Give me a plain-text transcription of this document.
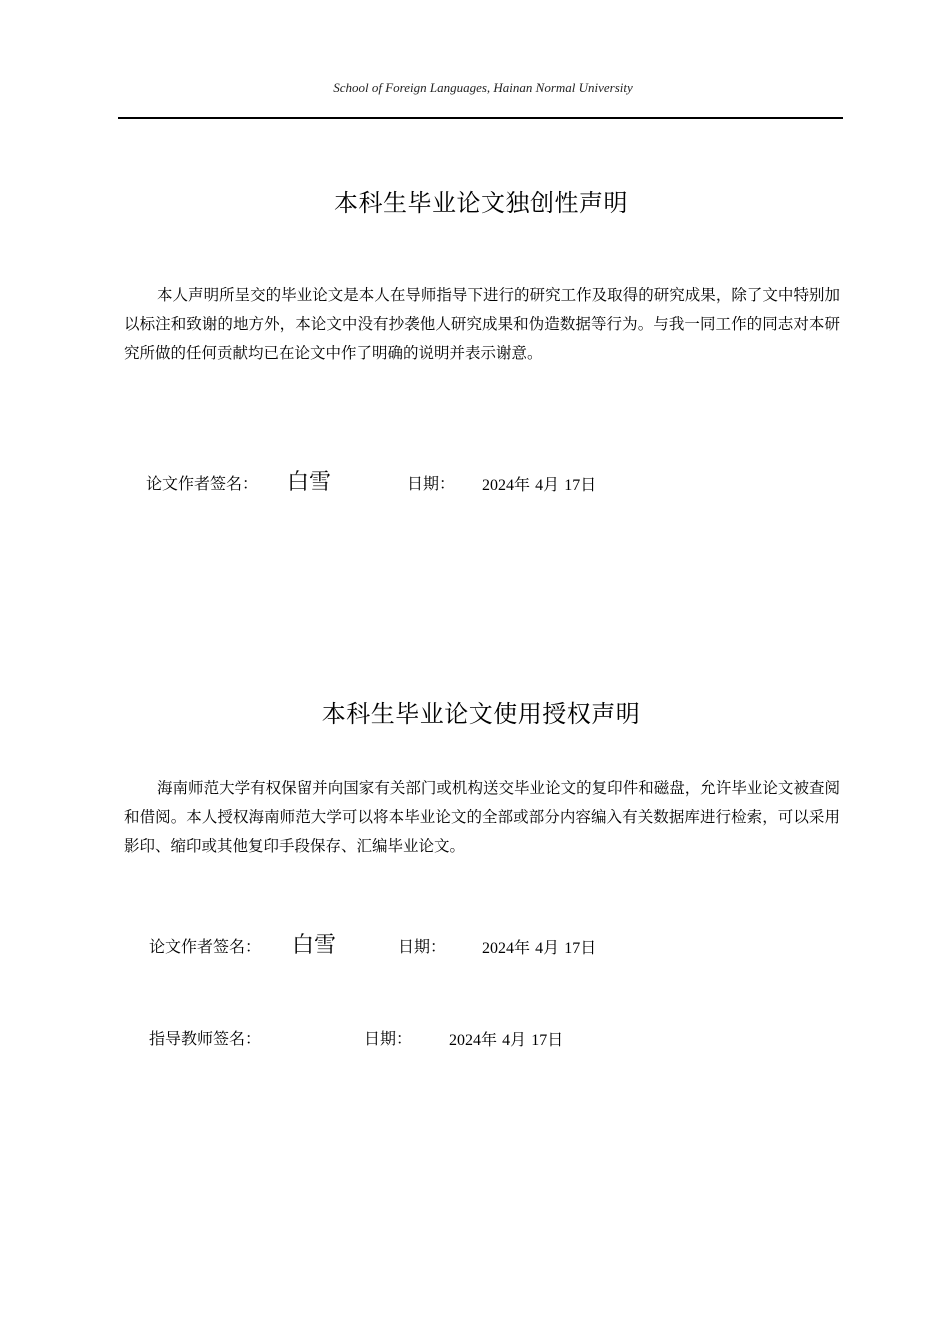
School of Foreign Languages, Hainan Normal University
本科生毕业论文独创性声明

本人声明所呈交的毕业论文是本人在导师指导下进行的研究工作及取得的研究成果，除了文中特别加以标注和致谢的地方外，本论文中没有抄袭他人研究成果和伪造数据等行为。与我一同工作的同志对本研究所做的任何贡献均已在论文中作了明确的说明并表示谢意。

论文作者签名： 白雪	日期： 2024年 4月 17日
本科生毕业论文使用授权声明

海南师范大学有权保留并向国家有关部门或机构送交毕业论文的复印件和磁盘，允许毕业论文被查阅和借阅。本人授权海南师范大学可以将本毕业论文的全部或部分内容编入有关数据库进行检索，可以采用影印、缩印或其他复印手段保存、汇编毕业论文。

论文作者签名： 白雪	日期： 2024年 4月 17日
指导教师签名：	日期： 2024年 4月 17日
